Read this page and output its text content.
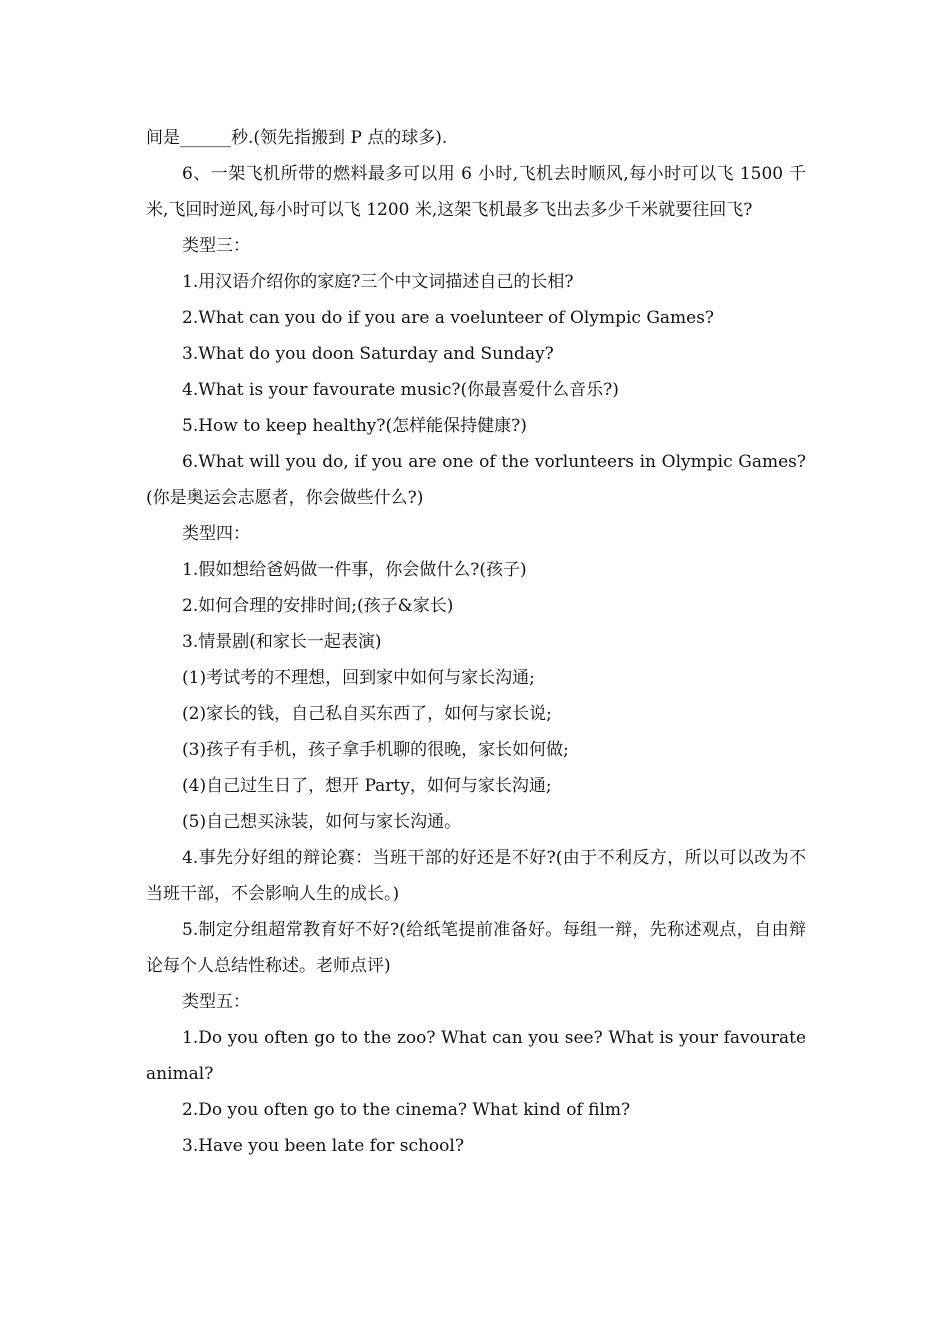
间是______秒.(领先指搬到 P 点的球多).

6、一架飞机所带的燃料最多可以用 6 小时,飞机去时顺风,每小时可以飞 1500 千米,飞回时逆风,每小时可以飞 1200 米,这架飞机最多飞出去多少千米就要往回飞?

类型三：

1.用汉语介绍你的家庭?三个中文词描述自己的长相?

2.What can you do if you are a voelunteer of Olympic Games?

3.What do you doon Saturday and Sunday?

4.What is your favourate music?(你最喜爱什么音乐?)

5.How to keep healthy?(怎样能保持健康?)

6.What will you do, if you are one of the vorlunteers in Olympic Games?(你是奥运会志愿者，你会做些什么?)

类型四：

1.假如想给爸妈做一件事，你会做什么?(孩子)

2.如何合理的安排时间;(孩子&家长)

3.情景剧(和家长一起表演)

(1)考试考的不理想，回到家中如何与家长沟通;

(2)家长的钱，自己私自买东西了，如何与家长说;

(3)孩子有手机，孩子拿手机聊的很晚，家长如何做;

(4)自己过生日了，想开 Party，如何与家长沟通;

(5)自己想买泳装，如何与家长沟通。

4.事先分好组的辩论赛：当班干部的好还是不好?(由于不利反方，所以可以改为不当班干部，不会影响人生的成长。)

5.制定分组超常教育好不好?(给纸笔提前准备好。每组一辩，先称述观点，自由辩论每个人总结性称述。老师点评)

类型五：

1.Do you often go to the zoo? What can you see? What is your favourate animal?

2.Do you often go to the cinema? What kind of film?

3.Have you been late for school?
